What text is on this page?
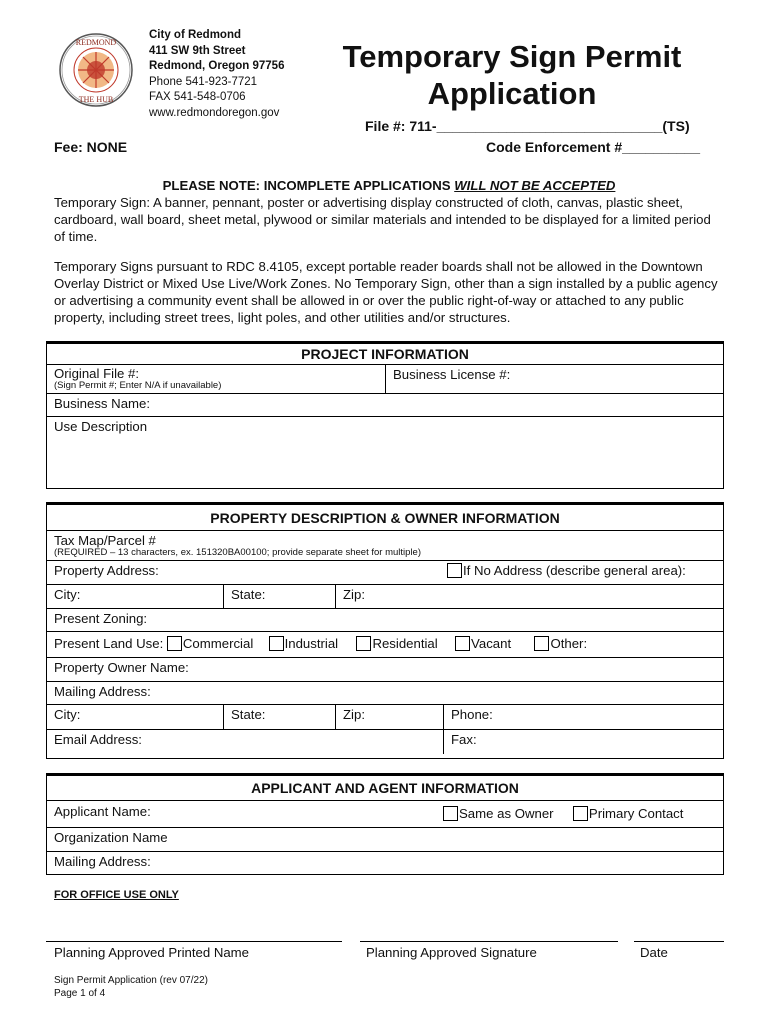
REDMOND
THE HUB
City of Redmond
411 SW 9th Street
Redmond, Oregon 97756
Phone 541-923-7721
FAX 541-548-0706
www.redmondoregon.gov
Temporary Sign Permit
Application
File #: 711-_____________________________(TS)
Fee: NONE	Code Enforcement #__________
PLEASE NOTE: INCOMPLETE APPLICATIONS WILL NOT BE ACCEPTED
Temporary Sign: A banner, pennant, poster or advertising display constructed of cloth, canvas, plastic sheet, cardboard, wall board, sheet metal, plywood or similar materials and intended to be displayed for a limited period of time.
Temporary Signs pursuant to RDC 8.4105, except portable reader boards shall not be allowed in the Downtown Overlay District or Mixed Use Live/Work Zones. No Temporary Sign, other than a sign installed by a public agency or advertising a community event shall be allowed in or over the public right-of-way or attached to any public property, including street trees, light poles, and other utilities and/or structures.
PROJECT INFORMATION
Original File #:
(Sign Permit #; Enter N/A if unavailable)
Business License #:
Business Name:
Use Description
PROPERTY DESCRIPTION & OWNER INFORMATION
Tax Map/Parcel #
(REQUIRED – 13 characters, ex. 151320BA00100; provide separate sheet for multiple)
Property Address:	If No Address (describe general area):
City:	State:	Zip:
Present Zoning:
Present Land Use: Commercial Industrial	Residential	Vacant	Other:
Property Owner Name:
Mailing Address:
City:	State:	Zip:	Phone:
Email Address:	Fax:
APPLICANT AND AGENT INFORMATION
Applicant Name:	Same as Owner	Primary Contact
Organization Name
Mailing Address:
FOR OFFICE USE ONLY
Planning Approved Printed Name	Planning Approved Signature	Date
Sign Permit Application (rev 07/22)
Page 1 of 4
